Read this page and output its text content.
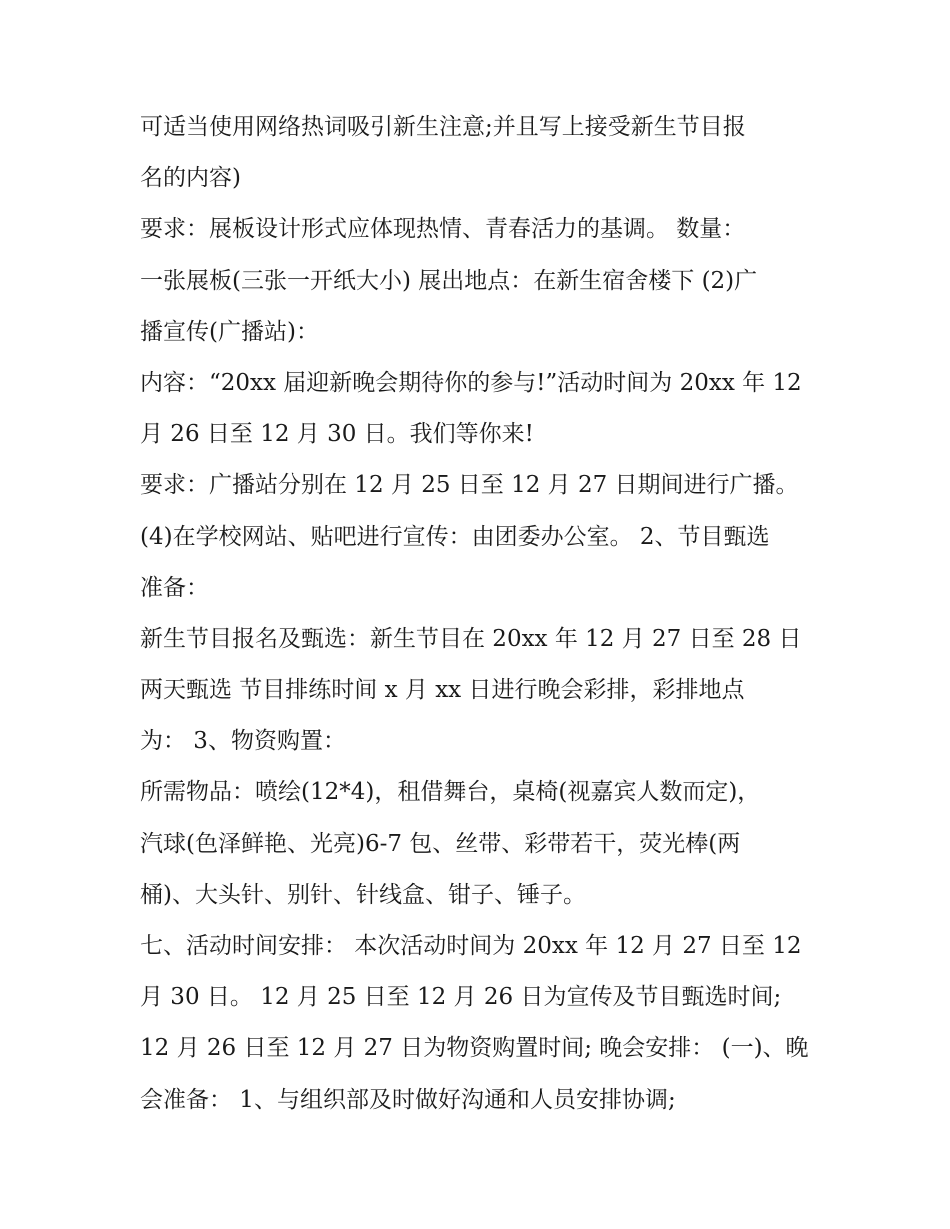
可适当使用网络热词吸引新生注意;并且写上接受新生节目报
名的内容)
要求：展板设计形式应体现热情、青春活力的基调。 数量：
一张展板(三张一开纸大小) 展出地点：在新生宿舍楼下 (2)广
播宣传(广播站)：
内容：“20xx 届迎新晚会期待你的参与!”活动时间为 20xx 年 12
月 26 日至 12 月 30 日。我们等你来!
要求：广播站分别在 12 月 25 日至 12 月 27 日期间进行广播。
(4)在学校网站、贴吧进行宣传：由团委办公室。 2、节目甄选
准备：
新生节目报名及甄选：新生节目在 20xx 年 12 月 27 日至 28 日
两天甄选 节目排练时间 x 月 xx 日进行晚会彩排，彩排地点
为： 3、物资购置：
所需物品：喷绘(12*4)，租借舞台，桌椅(视嘉宾人数而定)，
汽球(色泽鲜艳、光亮)6-7 包、丝带、彩带若干，荧光棒(两
桶)、大头针、别针、针线盒、钳子、锤子。
七、活动时间安排： 本次活动时间为 20xx 年 12 月 27 日至 12
月 30 日。 12 月 25 日至 12 月 26 日为宣传及节目甄选时间;
12 月 26 日至 12 月 27 日为物资购置时间; 晚会安排： (一)、晚
会准备： 1、与组织部及时做好沟通和人员安排协调;
